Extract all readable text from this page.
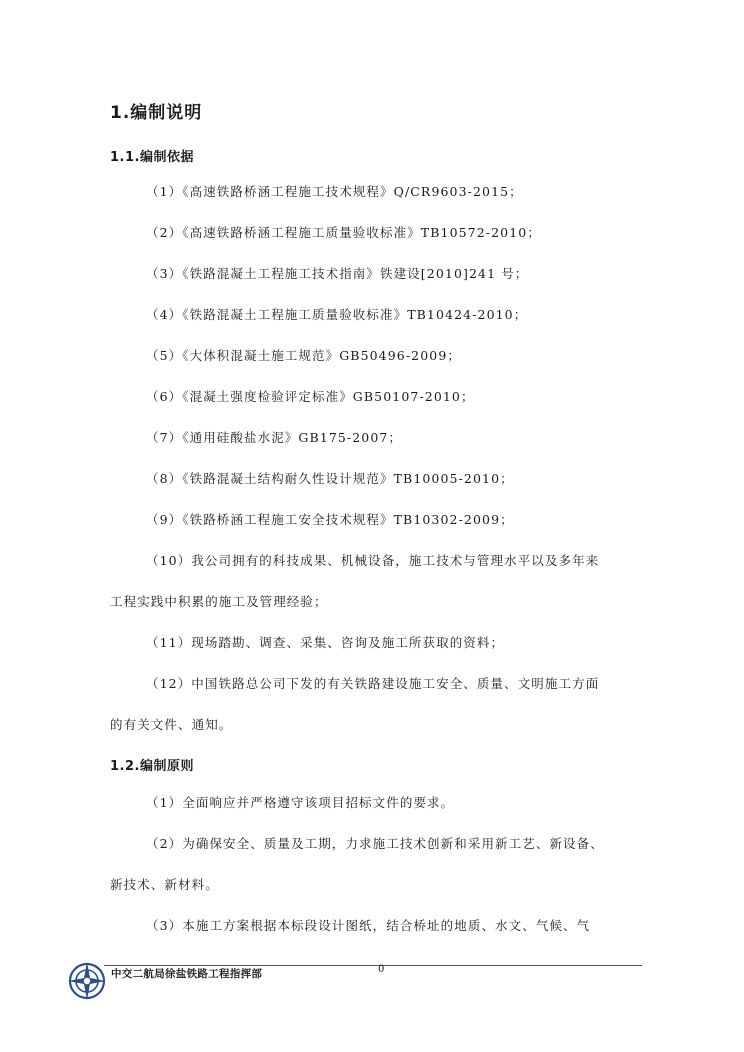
1.编制说明
1.1.编制依据
（1）《高速铁路桥涵工程施工技术规程》Q/CR9603-2015；
（2）《高速铁路桥涵工程施工质量验收标准》TB10572-2010；
（3）《铁路混凝土工程施工技术指南》铁建设[2010]241 号；
（4）《铁路混凝土工程施工质量验收标准》TB10424-2010；
（5）《大体积混凝土施工规范》GB50496-2009；
（6）《混凝土强度检验评定标准》GB50107-2010；
（7）《通用硅酸盐水泥》GB175-2007；
（8）《铁路混凝土结构耐久性设计规范》TB10005-2010；
（9）《铁路桥涵工程施工安全技术规程》TB10302-2009；
（10）我公司拥有的科技成果、机械设备，施工技术与管理水平以及多年来
工程实践中积累的施工及管理经验；
（11）现场踏勘、调查、采集、咨询及施工所获取的资料；
（12）中国铁路总公司下发的有关铁路建设施工安全、质量、文明施工方面
的有关文件、通知。
1.2.编制原则
（1）全面响应并严格遵守该项目招标文件的要求。
（2）为确保安全、质量及工期，力求施工技术创新和采用新工艺、新设备、
新技术、新材料。
（3）本施工方案根据本标段设计图纸，结合桥址的地质、水文、气候、气
中交二航局徐盐铁路工程指挥部	0
